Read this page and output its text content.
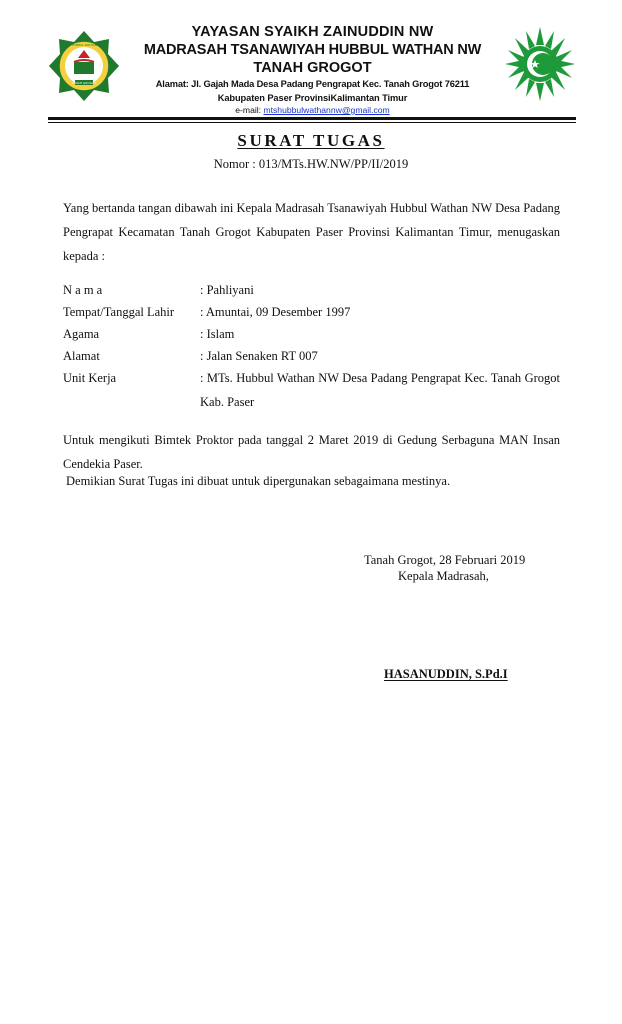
TANAH GROGOT
MTs. HUBBUL WATHAN NW
YAYASAN SYAIKH ZAINUDDIN NW
MADRASAH TSANAWIYAH HUBBUL WATHAN NW
TANAH GROGOT
Alamat: Jl. Gajah Mada Desa Padang Pengrapat Kec. Tanah Grogot 76211
Kabupaten Paser ProvinsiKalimantan Timur
e-mail: mtshubbulwathannw@gmail.com
SURAT TUGAS
Nomor : 013/MTs.HW.NW/PP/II/2019
Yang bertanda tangan dibawah ini Kepala Madrasah Tsanawiyah Hubbul Wathan NW Desa Padang Pengrapat Kecamatan Tanah Grogot Kabupaten Paser Provinsi Kalimantan Timur, menugaskan kepada :
N a m a	: Pahliyani
Tempat/Tanggal Lahir	: Amuntai, 09 Desember 1997
Agama	: Islam
Alamat	: Jalan Senaken RT 007
Unit Kerja	: MTs. Hubbul Wathan NW Desa Padang Pengrapat Kec. Tanah Grogot Kab. Paser
Untuk mengikuti Bimtek Proktor pada tanggal 2 Maret 2019 di Gedung Serbaguna MAN Insan Cendekia Paser.
Demikian Surat Tugas ini dibuat untuk dipergunakan sebagaimana mestinya.
Tanah Grogot, 28 Februari 2019
Kepala Madrasah,
HASANUDDIN, S.Pd.I
